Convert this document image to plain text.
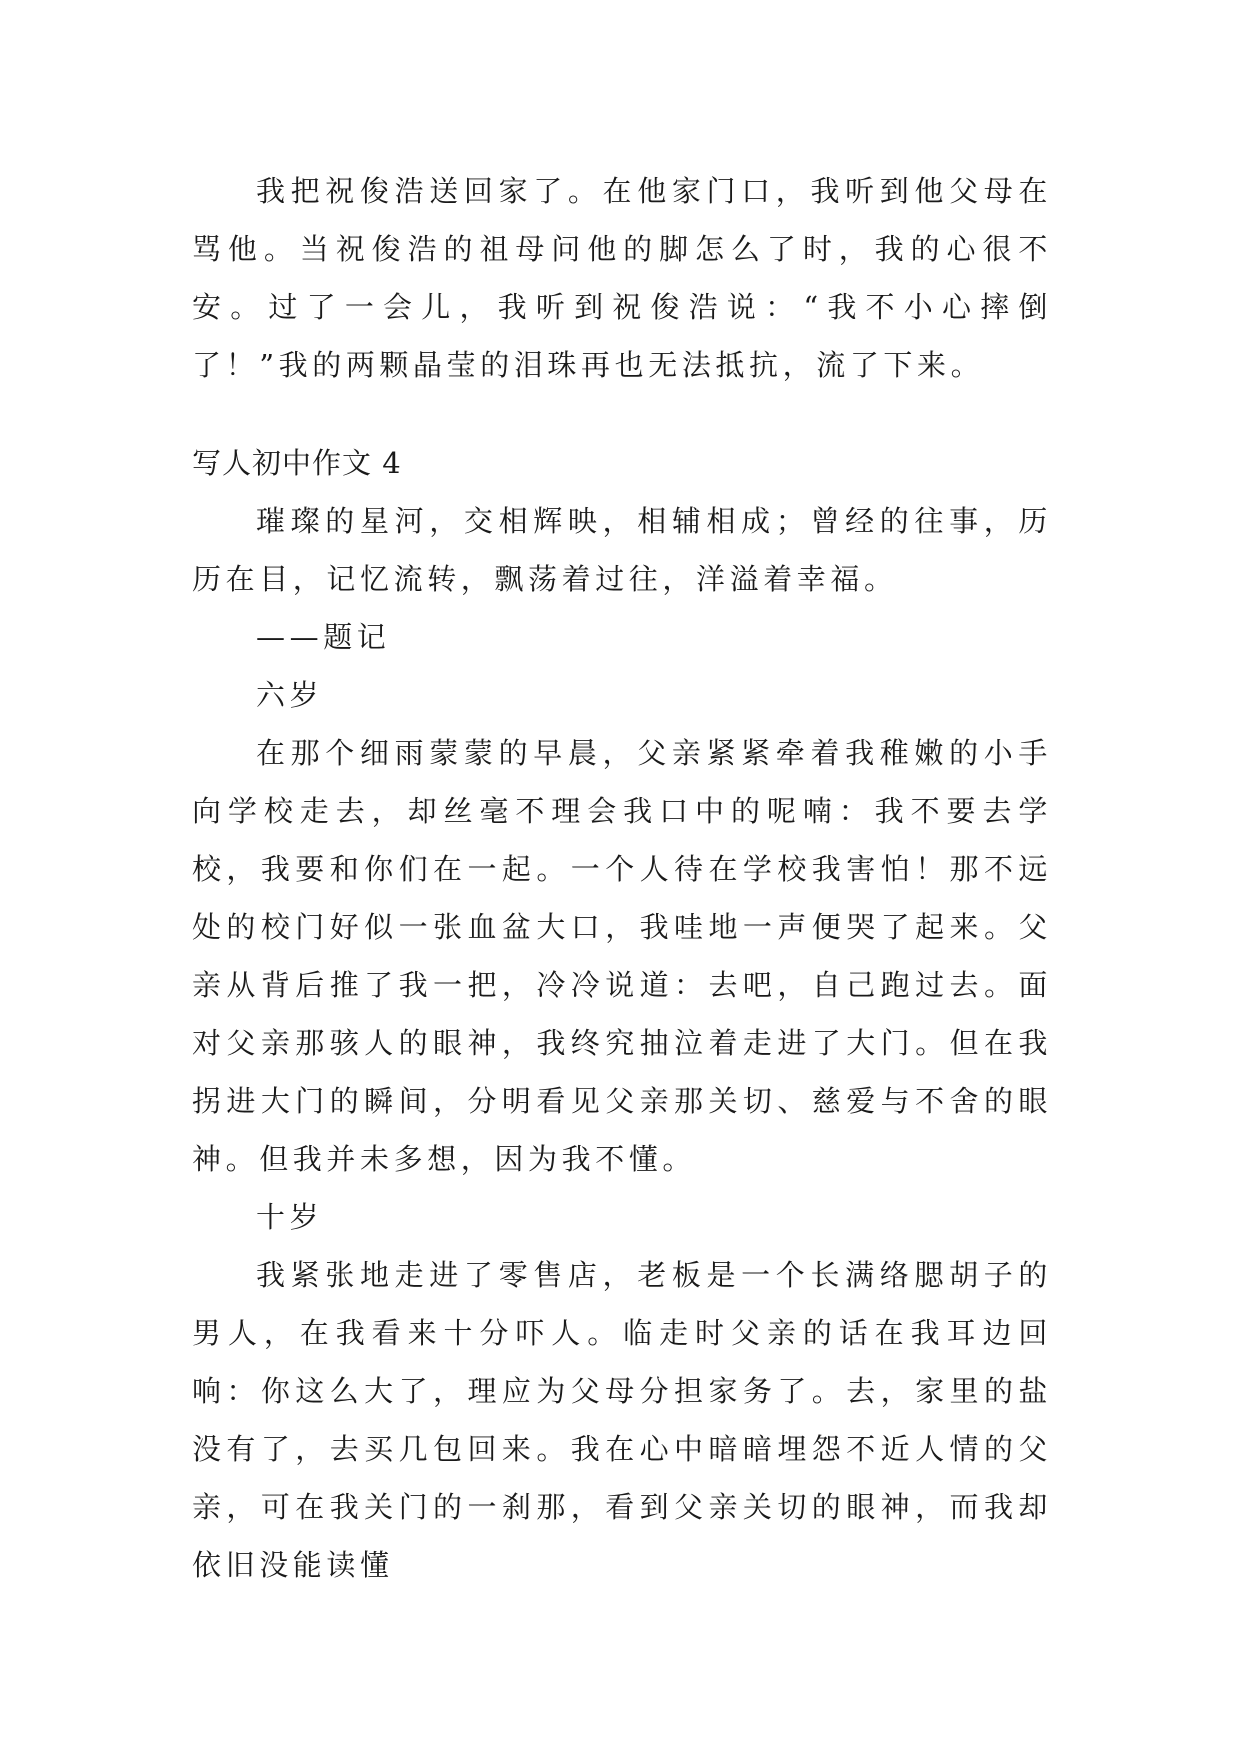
我把祝俊浩送回家了。在他家门口，我听到他父母在骂他。当祝俊浩的祖母问他的脚怎么了时，我的心很不安。过了一会儿，我听到祝俊浩说：“我不小心摔倒了！”我的两颗晶莹的泪珠再也无法抵抗，流了下来。

写人初中作文 4

璀璨的星河，交相辉映，相辅相成；曾经的往事，历历在目，记忆流转，飘荡着过往，洋溢着幸福。

——题记

六岁

在那个细雨蒙蒙的早晨，父亲紧紧牵着我稚嫩的小手向学校走去，却丝毫不理会我口中的呢喃：我不要去学校，我要和你们在一起。一个人待在学校我害怕！那不远处的校门好似一张血盆大口，我哇地一声便哭了起来。父亲从背后推了我一把，冷冷说道：去吧，自己跑过去。面对父亲那骇人的眼神，我终究抽泣着走进了大门。但在我拐进大门的瞬间，分明看见父亲那关切、慈爱与不舍的眼神。但我并未多想，因为我不懂。

十岁

我紧张地走进了零售店，老板是一个长满络腮胡子的男人，在我看来十分吓人。临走时父亲的话在我耳边回响：你这么大了，理应为父母分担家务了。去，家里的盐没有了，去买几包回来。我在心中暗暗埋怨不近人情的父亲，可在我关门的一刹那，看到父亲关切的眼神，而我却依旧没能读懂
